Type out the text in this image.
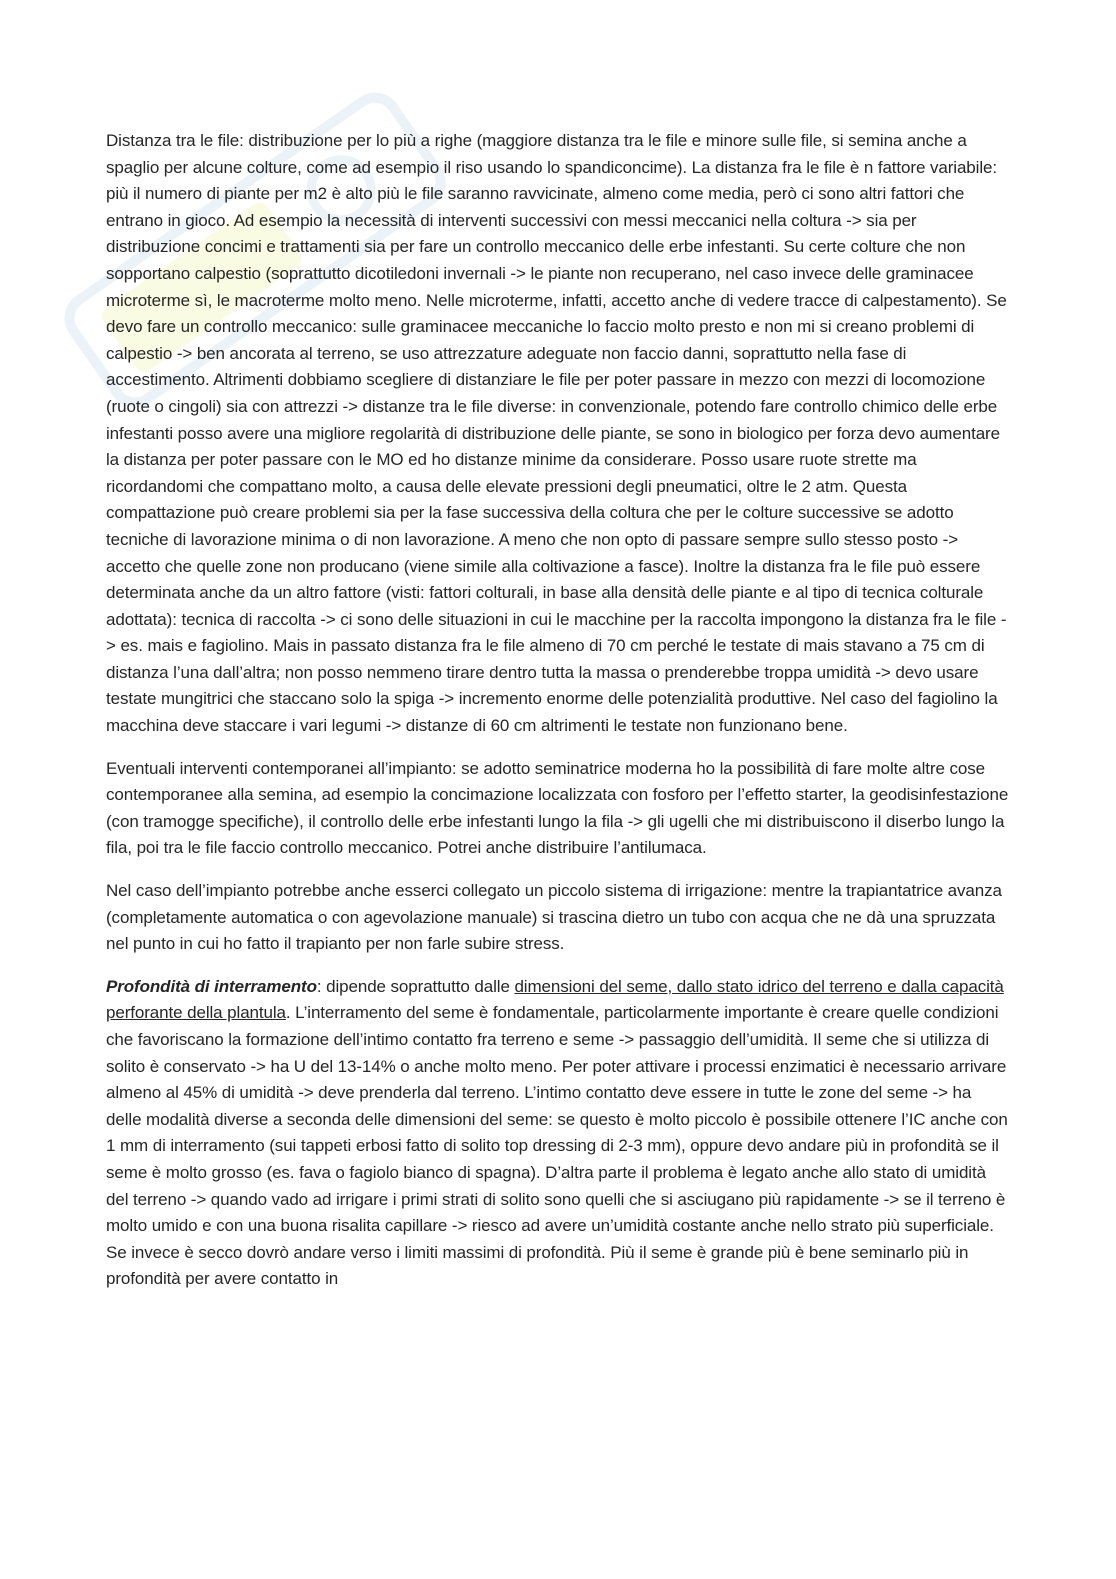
Distanza tra le file: distribuzione per lo più a righe (maggiore distanza tra le file e minore sulle file, si semina anche a spaglio per alcune colture, come ad esempio il riso usando lo spandiconcime). La distanza fra le file è n fattore variabile: più il numero di piante per m2 è alto più le file saranno ravvicinate, almeno come media, però ci sono altri fattori che entrano in gioco. Ad esempio la necessità di interventi successivi con messi meccanici nella coltura -> sia per distribuzione concimi e trattamenti sia per fare un controllo meccanico delle erbe infestanti. Su certe colture che non sopportano calpestio (soprattutto dicotiledoni invernali -> le piante non recuperano, nel caso invece delle graminacee microterme sì, le macroterme molto meno. Nelle microterme, infatti, accetto anche di vedere tracce di calpestamento). Se devo fare un controllo meccanico: sulle graminacee meccaniche lo faccio molto presto e non mi si creano problemi di calpestio -> ben ancorata al terreno, se uso attrezzature adeguate non faccio danni, soprattutto nella fase di accestimento. Altrimenti dobbiamo scegliere di distanziare le file per poter passare in mezzo con mezzi di locomozione (ruote o cingoli) sia con attrezzi -> distanze tra le file diverse: in convenzionale, potendo fare controllo chimico delle erbe infestanti posso avere una migliore regolarità di distribuzione delle piante, se sono in biologico per forza devo aumentare la distanza per poter passare con le MO ed ho distanze minime da considerare. Posso usare ruote strette ma ricordandomi che compattano molto, a causa delle elevate pressioni degli pneumatici, oltre le 2 atm. Questa compattazione può creare problemi sia per la fase successiva della coltura che per le colture successive se adotto tecniche di lavorazione minima o di non lavorazione. A meno che non opto di passare sempre sullo stesso posto -> accetto che quelle zone non producano (viene simile alla coltivazione a fasce). Inoltre la distanza fra le file può essere determinata anche da un altro fattore (visti: fattori colturali, in base alla densità delle piante e al tipo di tecnica colturale adottata): tecnica di raccolta -> ci sono delle situazioni in cui le macchine per la raccolta impongono la distanza fra le file -> es. mais e fagiolino. Mais in passato distanza fra le file almeno di 70 cm perché le testate di mais stavano a 75 cm di distanza l’una dall’altra; non posso nemmeno tirare dentro tutta la massa o prenderebbe troppa umidità -> devo usare testate mungitrici che staccano solo la spiga -> incremento enorme delle potenzialità produttive. Nel caso del fagiolino la macchina deve staccare i vari legumi -> distanze di 60 cm altrimenti le testate non funzionano bene.

Eventuali interventi contemporanei all’impianto: se adotto seminatrice moderna ho la possibilità di fare molte altre cose contemporanee alla semina, ad esempio la concimazione localizzata con fosforo per l’effetto starter, la geodisinfestazione (con tramogge specifiche), il controllo delle erbe infestanti lungo la fila -> gli ugelli che mi distribuiscono il diserbo lungo la fila, poi tra le file faccio controllo meccanico. Potrei anche distribuire l’antilumaca.

Nel caso dell’impianto potrebbe anche esserci collegato un piccolo sistema di irrigazione: mentre la trapiantatrice avanza (completamente automatica o con agevolazione manuale) si trascina dietro un tubo con acqua che ne dà una spruzzata nel punto in cui ho fatto il trapianto per non farle subire stress.

Profondità di interramento: dipende soprattutto dalle dimensioni del seme, dallo stato idrico del terreno e dalla capacità perforante della plantula. L’interramento del seme è fondamentale, particolarmente importante è creare quelle condizioni che favoriscano la formazione dell’intimo contatto fra terreno e seme -> passaggio dell’umidità. Il seme che si utilizza di solito è conservato -> ha U del 13-14% o anche molto meno. Per poter attivare i processi enzimatici è necessario arrivare almeno al 45% di umidità -> deve prenderla dal terreno. L’intimo contatto deve essere in tutte le zone del seme -> ha delle modalità diverse a seconda delle dimensioni del seme: se questo è molto piccolo è possibile ottenere l’IC anche con 1 mm di interramento (sui tappeti erbosi fatto di solito top dressing di 2-3 mm), oppure devo andare più in profondità se il seme è molto grosso (es. fava o fagiolo bianco di spagna). D’altra parte il problema è legato anche allo stato di umidità del terreno -> quando vado ad irrigare i primi strati di solito sono quelli che si asciugano più rapidamente -> se il terreno è molto umido e con una buona risalita capillare -> riesco ad avere un’umidità costante anche nello strato più superficiale. Se invece è secco dovrò andare verso i limiti massimi di profondità. Più il seme è grande più è bene seminarlo più in profondità per avere contatto in
